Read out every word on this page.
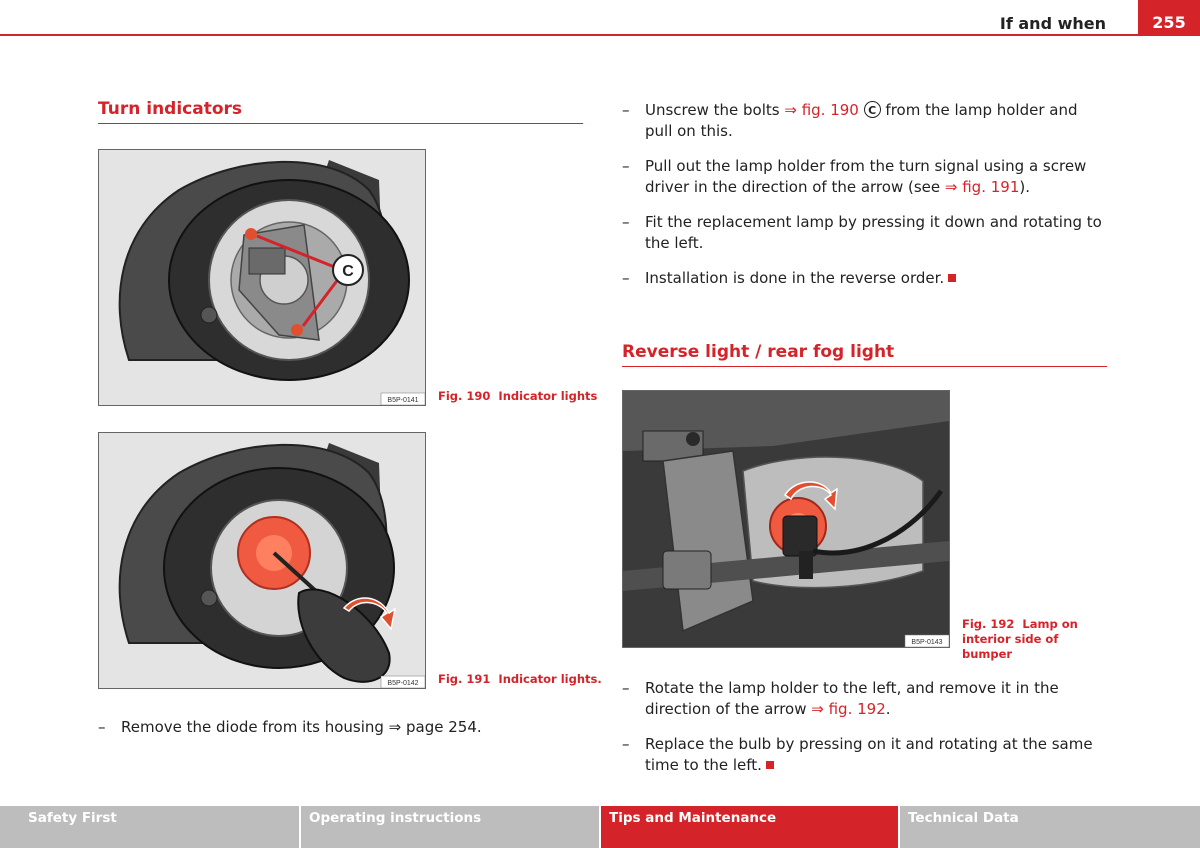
If and when	255
Turn indicators
C
B5P-0141 Fig. 190 Indicator lights
B5P-0142 Fig. 191 Indicator lights.
– Remove the diode from its housing ⇒ page 254.
– Unscrew the bolts ⇒ fig. 190 C from the lamp holder and pull on this.
– Pull out the lamp holder from the turn signal using a screw driver in the direction of the arrow (see ⇒ fig. 191).
– Fit the replacement lamp by pressing it down and rotating to the left.
– Installation is done in the reverse order.
Reverse light / rear fog light
B5P-0143
Fig. 192 Lamp on interior side of bumper
– Rotate the lamp holder to the left, and remove it in the direction of the arrow ⇒ fig. 192.
– Replace the bulb by pressing on it and rotating at the same time to the left.
Safety First	Operating instructions	Tips and Maintenance	Technical Data
